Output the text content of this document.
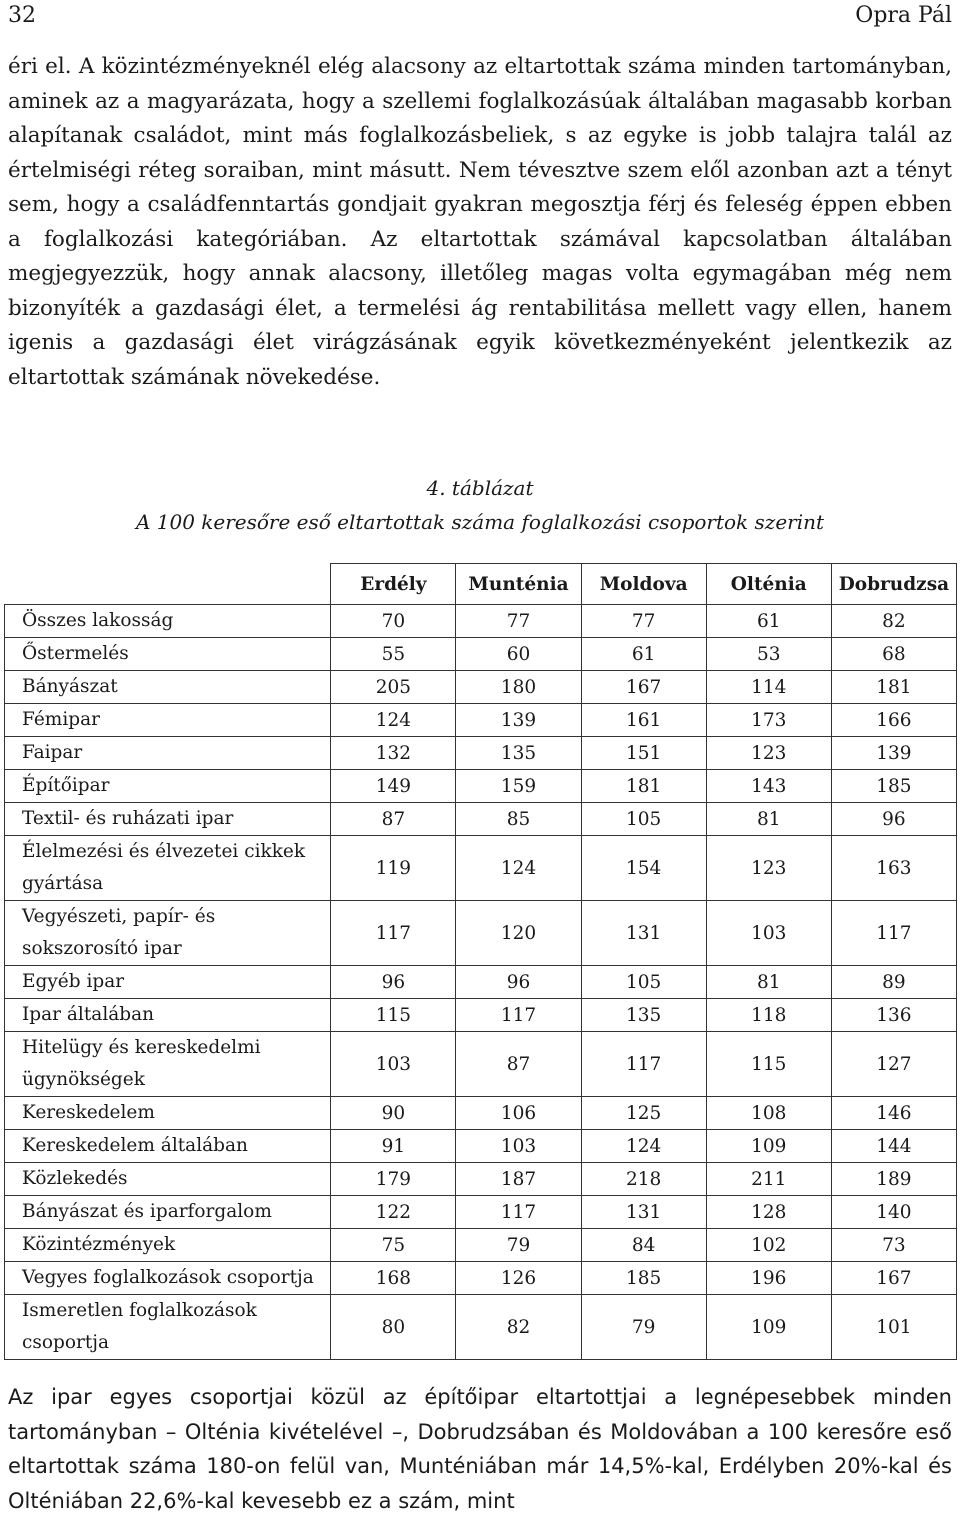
32	Opra Pál

éri el. A közintézményeknél elég alacsony az eltartottak száma minden tartományban, aminek az a magyarázata, hogy a szellemi foglalkozásúak általában magasabb korban alapítanak családot, mint más foglalkozásbeliek, s az egyke is jobb talajra talál az értelmiségi réteg soraiban, mint másutt. Nem tévesztve szem elől azonban azt a tényt sem, hogy a családfenntartás gondjait gyakran megosztja férj és feleség éppen ebben a foglalkozási kategóriában. Az eltartottak számával kapcsolatban általában megjegyezzük, hogy annak alacsony, illetőleg magas volta egymagában még nem bizonyíték a gazdasági élet, a termelési ág rentabilitása mellett vagy ellen, hanem igenis a gazdasági élet virágzásának egyik következményeként jelentkezik az eltartottak számának növekedése.

4. táblázat
A 100 keresőre eső eltartottak száma foglalkozási csoportok szerint
	Erdély	Munténia	Moldova	Olténia	Dobrudzsa
Összes lakosság	70	77	77	61	82
Őstermelés	55	60	61	53	68
Bányászat	205	180	167	114	181
Fémipar	124	139	161	173	166
Faipar	132	135	151	123	139
Építőipar	149	159	181	143	185
Textil- és ruházati ipar	87	85	105	81	96
Élelmezési és élvezetei cikkek gyártása	119	124	154	123	163
Vegyészeti, papír- és sokszorosító ipar	117	120	131	103	117
Egyéb ipar	96	96	105	81	89
Ipar általában	115	117	135	118	136
Hitelügy és kereskedelmi ügynökségek	103	87	117	115	127
Kereskedelem	90	106	125	108	146
Kereskedelem általában	91	103	124	109	144
Közlekedés	179	187	218	211	189
Bányászat és iparforgalom	122	117	131	128	140
Közintézmények	75	79	84	102	73
Vegyes foglalkozások csoportja	168	126	185	196	167
Ismeretlen foglalkozások csoportja	80	82	79	109	101

Az ipar egyes csoportjai közül az építőipar eltartottjai a legnépesebbek minden tartományban – Olténia kivételével –, Dobrudzsában és Moldovában a 100 keresőre eső eltartottak száma 180-on felül van, Munténiában már 14,5%-kal, Erdélyben 20%-kal és Olténiában 22,6%-kal kevesebb ez a szám, mint
